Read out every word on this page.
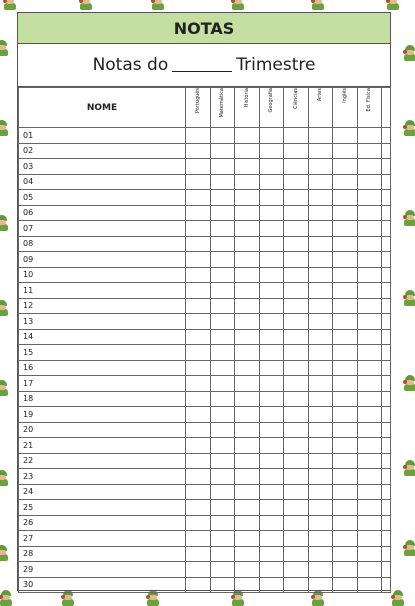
NOTAS
Notas do	Trimestre
NOME	Português	Matemática	História	Geografia	Ciências	Artes	Inglês	Ed. Física	
01									
02									
03									
04									
05									
06									
07									
08									
09									
10									
11									
12									
13									
14									
15									
16									
17									
18									
19									
20									
21									
22									
23									
24									
25									
26									
27									
28									
29									
30									
